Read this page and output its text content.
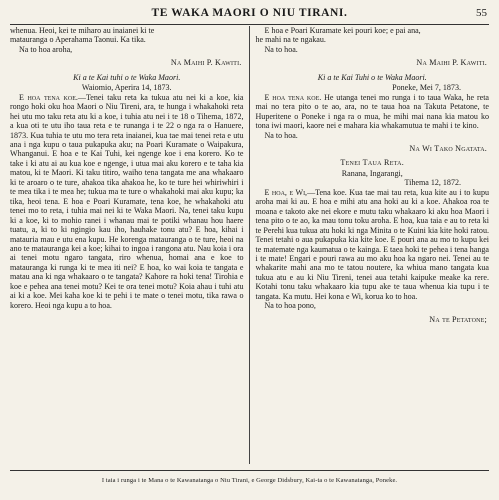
TE WAKA MAORI O NIU TIRANI.	55

whenua. Heoi, kei te miharo au inaianei ki te

matauranga o Aperahama Taonui. Ka tika.

Na to hoa aroha,

Na Maihi P. Kawiti.

Ki a te Kai tuhi o te Waka Maori.

Waiomio, Aperira 14, 1873.

E hoa tena koe.—Tenei taku reta ka tukua atu nei ki a koe, kia rongo hoki oku hoa Maori o Niu Tireni, ara, te hunga i whakahoki reta hei utu mo taku reta atu ki a koe, i tuhia atu nei i te 18 o Tihema, 1872, a kua oti te utu iho taua reta e te runanga i te 22 o nga ra o Hanuere, 1873. Kua tuhia te utu mo tera reta inaianei, kua tae mai tenei reta e utu ana i nga kupu o taua pukapuka aku; na Poari Kuramate o Waipakura, Whanganui. E hoa e te Kai Tuhi, kei ngenge koe i ena korero. Ko te take i ki atu ai au kua koe e ngenge, i utua mai aku korero e te taha kia matou, ki te Maori. Ki taku titiro, waiho tena tangata me ana whakaaro ki te aroaro o te ture, ahakoa tika ahakoa he, ko te ture hei whiriwhiri i te mea tika i te mea he; tukua ma te ture o whakahoki mai aku kupu; ka tika, heoi tena. E hoa e Poari Kuramate, tena koe, he whakahoki atu tenei mo to reta, i tuhia mai nei ki te Waka Maori. Na, tenei taku kupu ki a koe, ki to mohio ranei i whanau mai te potiki whanau hou haere tuatu, a, ki to ki ngingio kau iho, hauhake tonu atu? E hoa, kihai i matauria mau e utu ena kupu. He korenga matauranga o te ture, heoi na ano te matauranga kei a koe; kihai to ingoa i rangona atu. Nau koia i ora ai tenei motu ngaro tangata, riro whenua, homai ana e koe to matauranga ki runga ki te mea iti nei? E hoa, ko wai koia te tangata e matau ana ki nga whakaaro o te tangata? Kahore ra hoki tena! Tirohia e koe e pehea ana tenei motu? Kei te ora tenei motu? Koia ahau i tuhi atu ai ki a koe. Mei kaha koe ki te pehi i te mate o tenei motu, tika rawa o korero. Heoi nga kupu a to hoa.

E hoa e Poari Kuramate kei pouri koe; e pai ana,

he mahi na te ngakau.

Na to hoa.

Na Maihi P. Kawiti.

Ki a te Kai Tuhi o te Waka Maori.

Poneke, Mei 7, 1873.

E hoa tena koe. He utanga tenei mo runga i to taua Waka, he reta mai no tera pito o te ao, ara, no te taua hoa na Takuta Petatone, te Huperitene o Poneke i nga ra o mua, he mihi mai nana kia matou ko tona iwi maori, kaore nei e mahara kia whakamutua te mahi i te kino.

Na to hoa.

Na Wi Tako Ngatata.

Tenei Taua Reta.

Ranana, Ingarangi,

Tihema 12, 1872.

E hoa, e Wi,—Tena koe. Kua tae mai tau reta, kua kite au i to kupu aroha mai ki au. E hoa e mihi atu ana hoki au ki a koe. Ahakoa roa te moana e takoto ake nei ekore e mutu taku whakaaro ki aku hoa Maori i tena pito o te ao, ka mau tonu toku aroha. E hoa, kua taia e au to reta ki te Perehi kua tukua atu hoki ki nga Minita o te Kuini kia kite hoki ratou. Tenei tetahi o aua pukapuka kia kite koe. E pouri ana au mo to kupu kei te matemate nga kaumatua o te kainga. E taea hoki te pehea i tena hanga i te mate! Engari e pouri rawa au mo aku hoa ka ngaro nei. Tenei au te whakarite mahi ana mo te tatou noutere, ka whiua mano tangata kua tukua atu e au ki Niu Tireni, tenei aua tetahi kaipuke meake ka rere. Kotahi tonu taku whakaaro kia tupu ake te taua whenua kia tupu i te tangata. Ka mutu. Hei kona e Wi, korua ko to hoa.

Na to hoa pono,

Na te Petatone;

I taia i runga i te Mana o te Kawanatanga o Niu Tirani, e George Didsbury, Kai-ta o te Kawanatanga, Poneke.
